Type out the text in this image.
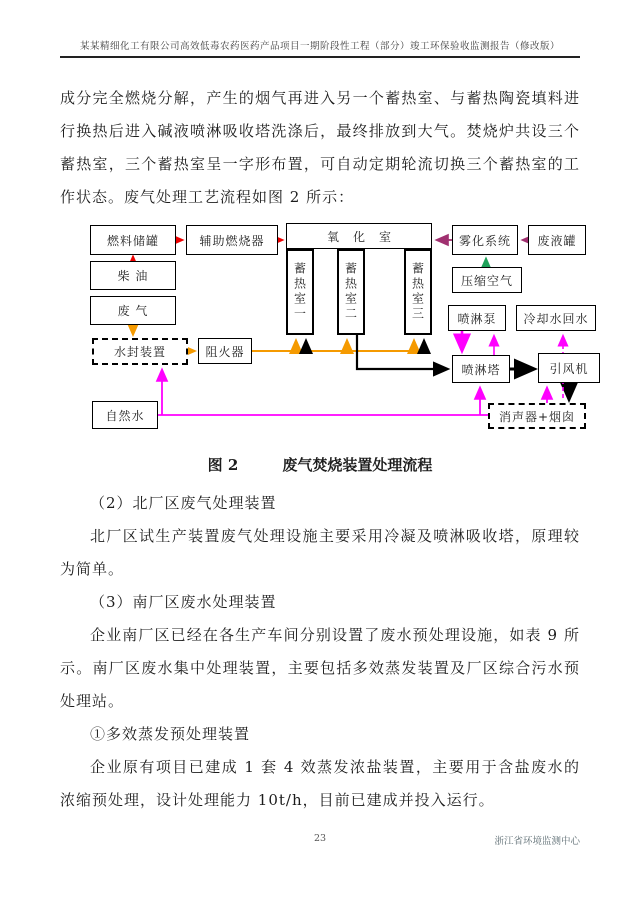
某某精细化工有限公司高效低毒农药医药产品项目一期阶段性工程（部分）竣工环保验收监测报告（修改版）

成分完全燃烧分解，产生的烟气再进入另一个蓄热室、与蓄热陶瓷填料进行换热后进入碱液喷淋吸收塔洗涤后，最终排放到大气。焚烧炉共设三个蓄热室，三个蓄热室呈一字形布置，可自动定期轮流切换三个蓄热室的工作状态。废气处理工艺流程如图 2 所示：

燃料储罐	辅助燃烧器	氧化室
蓄热室一	蓄热室二	蓄热室三
雾化系统	废液罐
压缩空气
柴 油
废 气
水封装置	阻火器
喷淋泵	冷却水回水
喷淋塔	引风机
消声器+烟囱
自然水
图 2	废气焚烧装置处理流程

（2）北厂区废气处理装置

北厂区试生产装置废气处理设施主要采用冷凝及喷淋吸收塔，原理较为简单。

（3）南厂区废水处理装置

企业南厂区已经在各生产车间分别设置了废水预处理设施，如表 9 所示。南厂区废水集中处理装置，主要包括多效蒸发装置及厂区综合污水预处理站。

①多效蒸发预处理装置

企业原有项目已建成 1 套 4 效蒸发浓盐装置，主要用于含盐废水的浓缩预处理，设计处理能力 10t/h，目前已建成并投入运行。

23	浙江省环境监测中心
